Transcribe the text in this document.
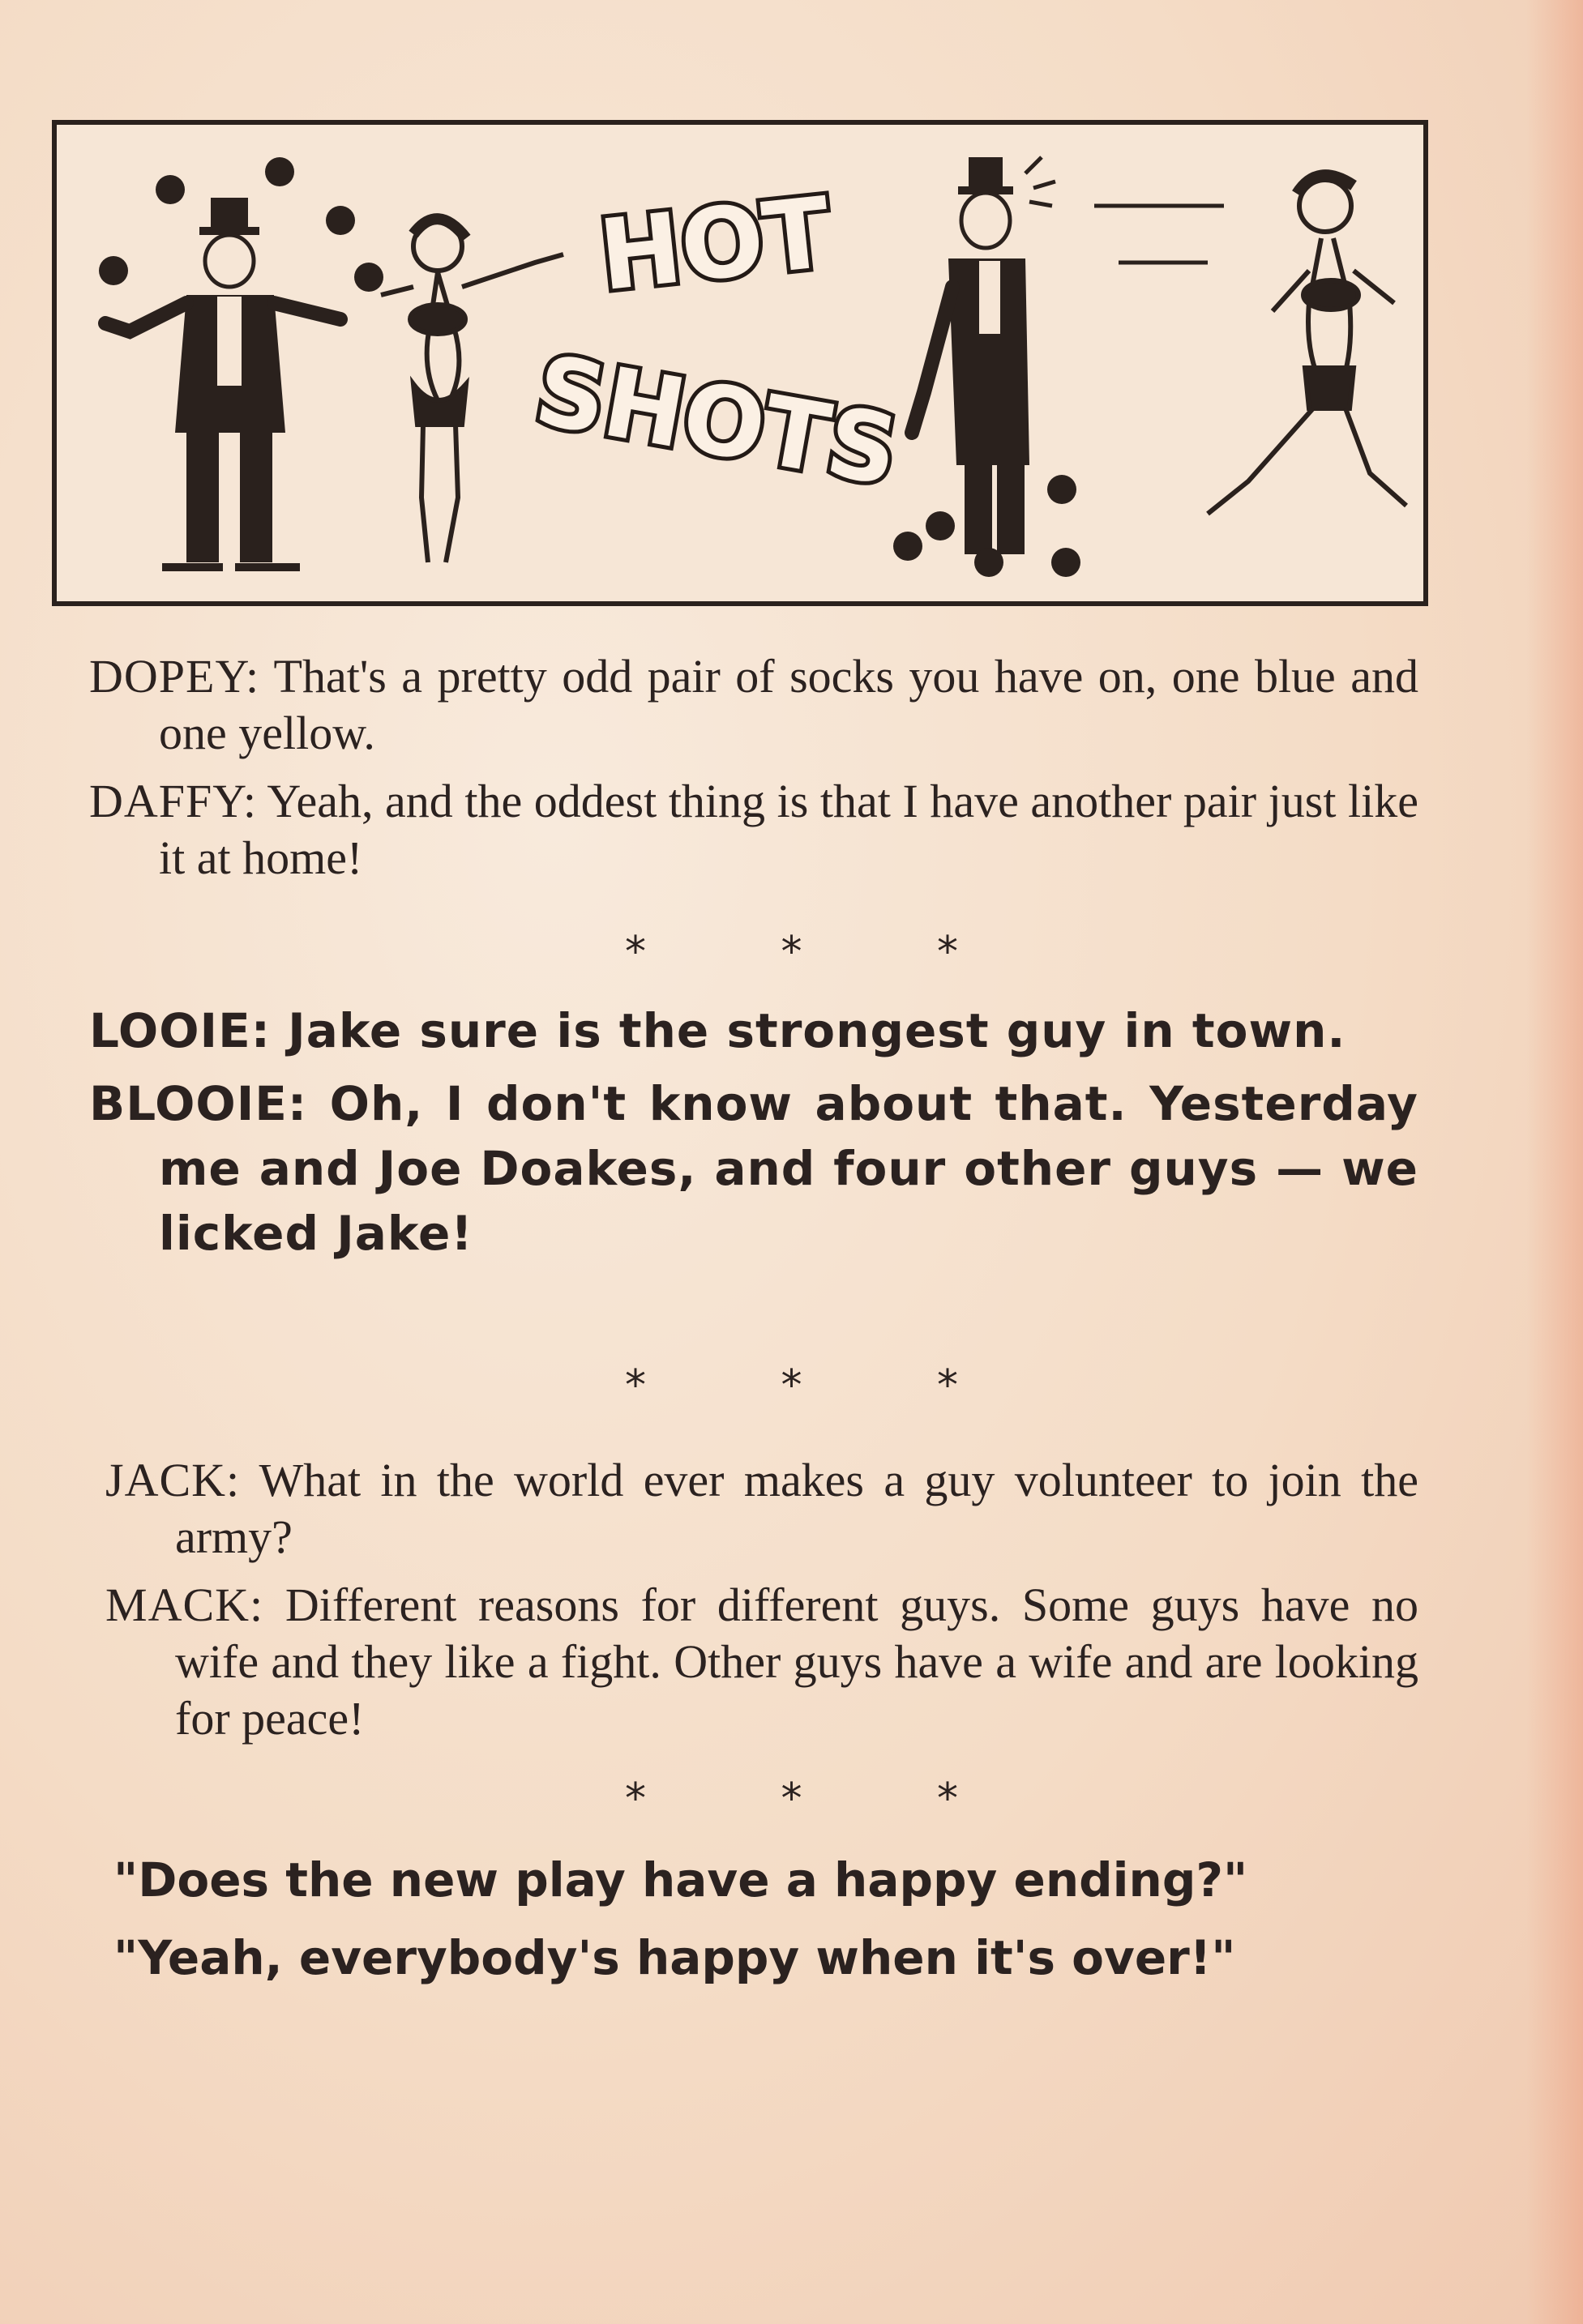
HOT
SHOTS
DOPEY: That's a pretty odd pair of socks you have on, one blue and one yellow.
DAFFY: Yeah, and the oddest thing is that I have another pair just like it at home!
* * *
LOOIE: Jake sure is the strongest guy in town.
BLOOIE: Oh, I don't know about that. Yesterday me and Joe Doakes, and four other guys — we licked Jake!
* * *
JACK: What in the world ever makes a guy volunteer to join the army?
MACK: Different reasons for different guys. Some guys have no wife and they like a fight. Other guys have a wife and are looking for peace!
* * *
"Does the new play have a happy ending?"
"Yeah, everybody's happy when it's over!"
